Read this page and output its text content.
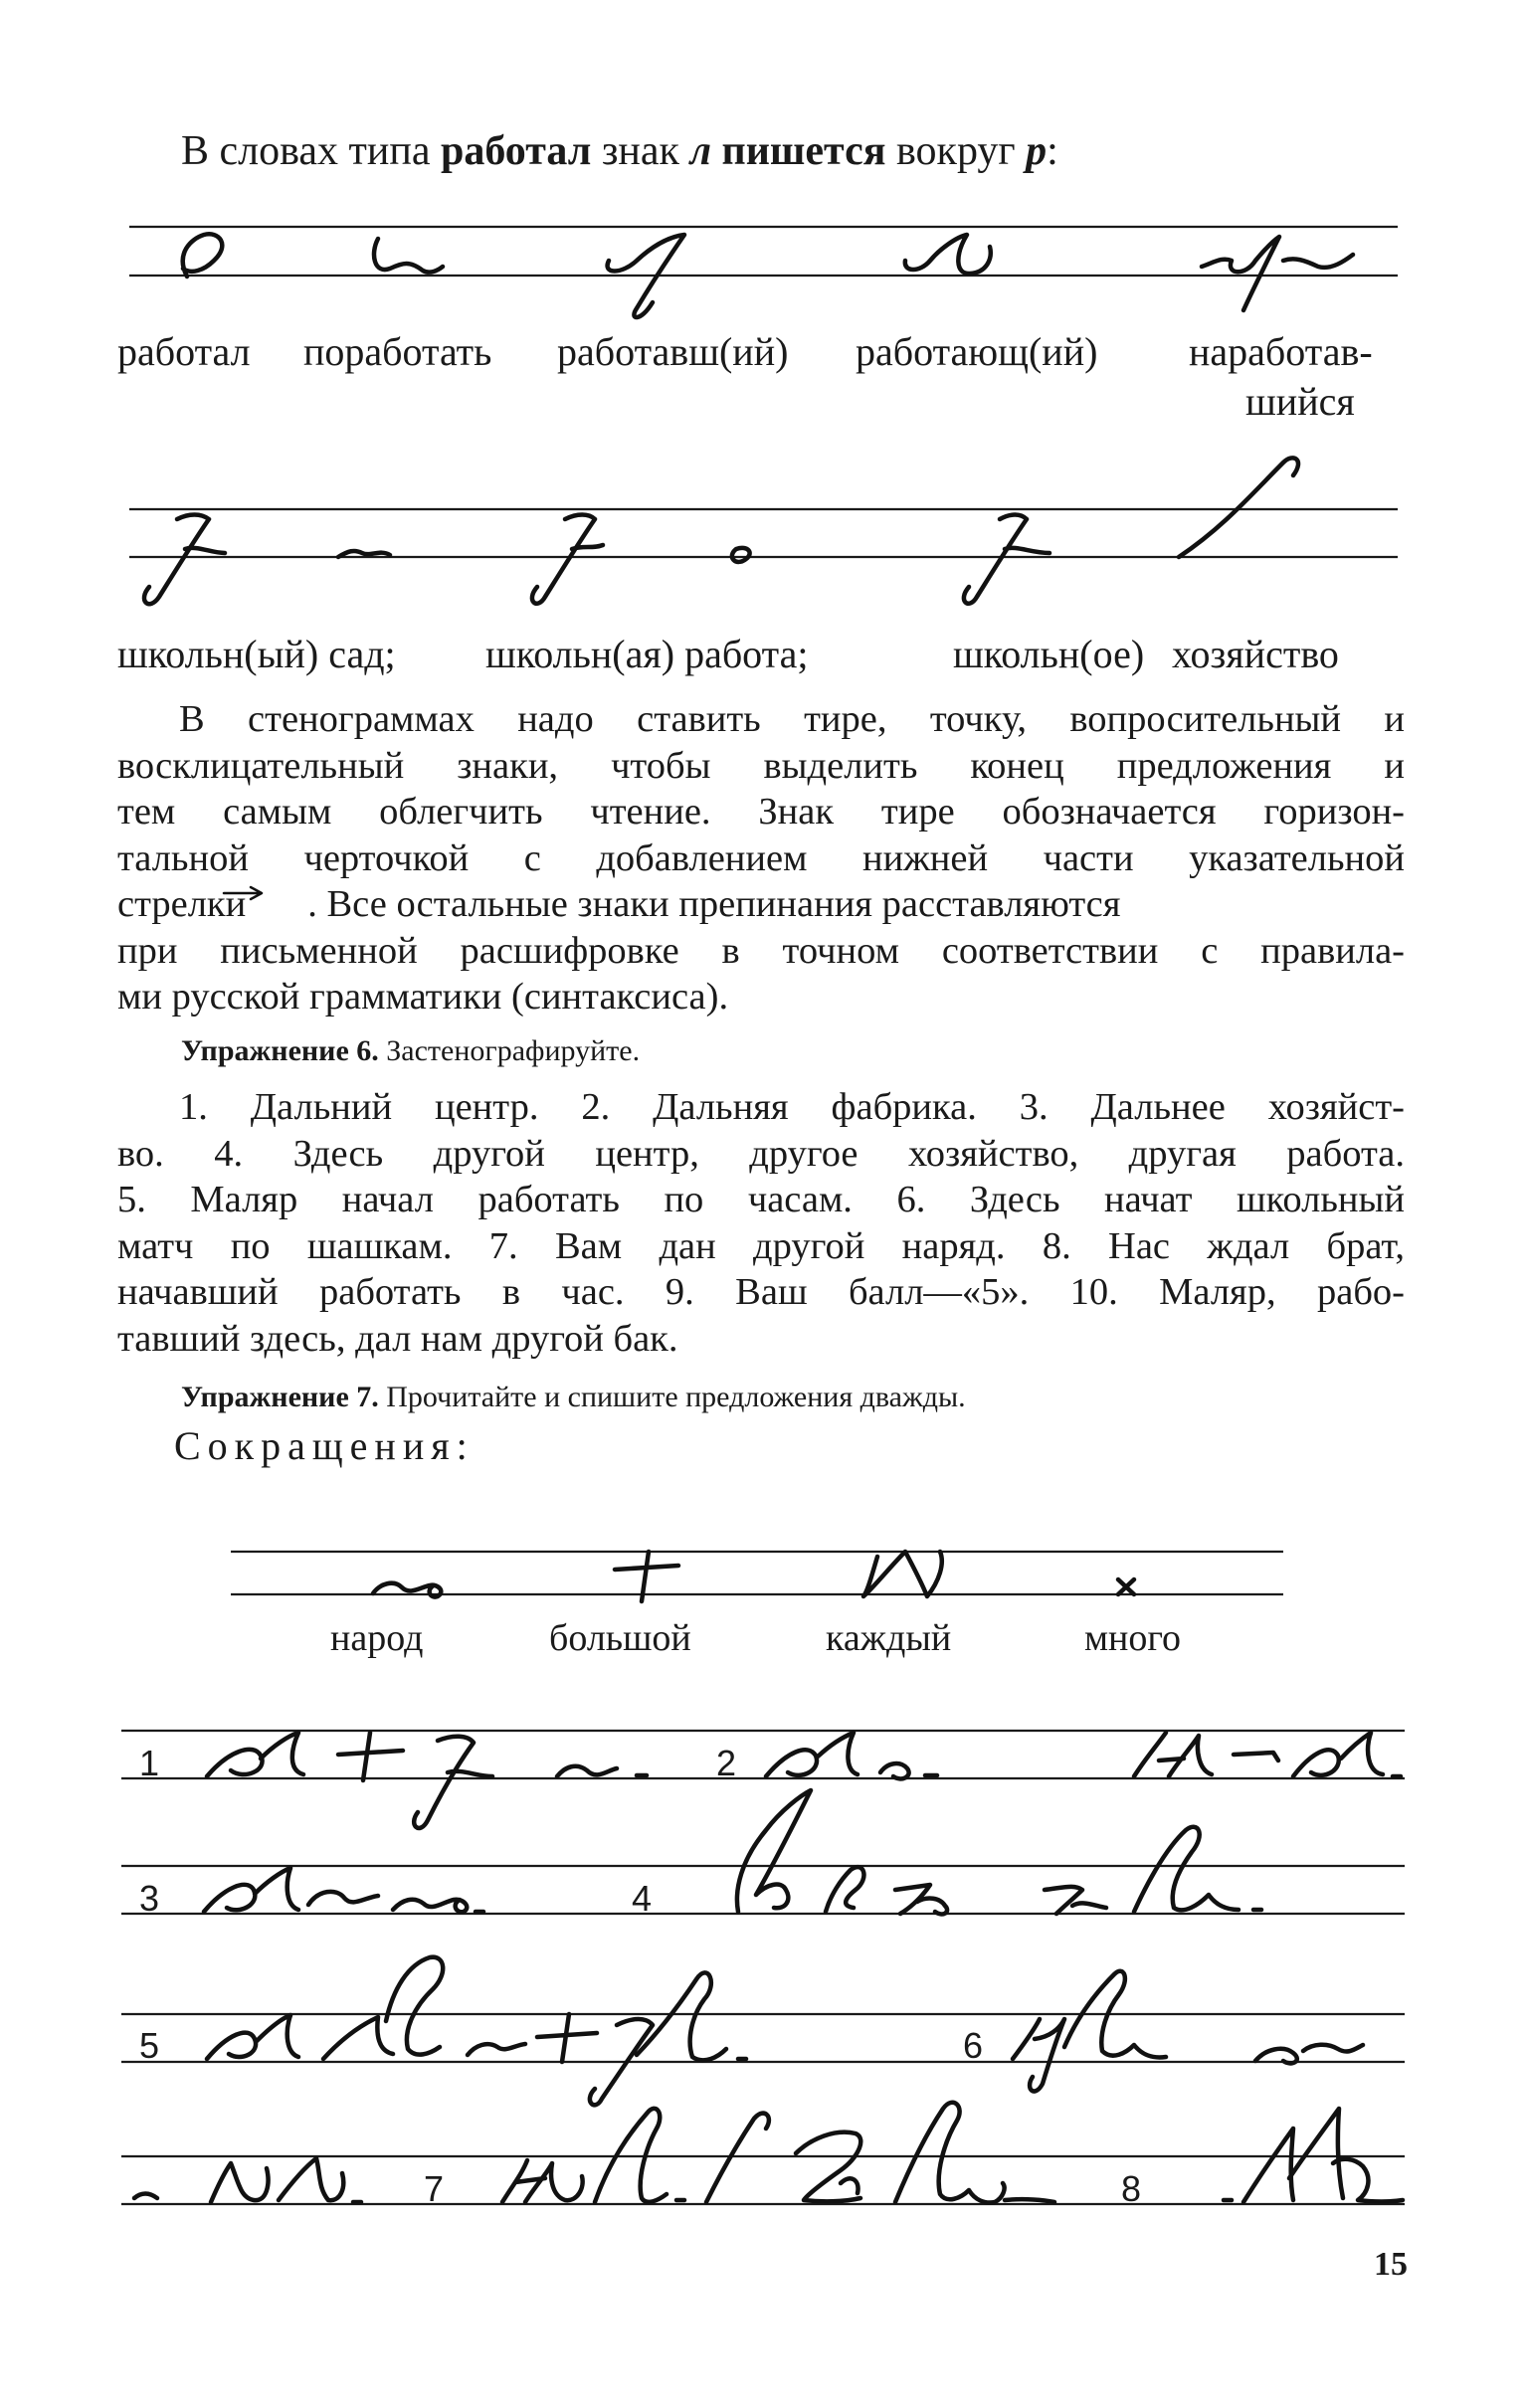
В словах типа работал знак л пишется вокруг р:
работал поработать работавш(ий) работающ(ий) наработав-
шийся
школьн(ый) сад; школьн(ая) работа;	школьн(ое) хозяйство
В стенограммах надо ставить тире, точку, вопросительный и
восклицательный знаки, чтобы выделить конец предложения и
тем самым облегчить чтение. Знак тире обозначается горизон-
тальной черточкой с добавлением нижней части указательной
стрелки . Все остальные знаки препинания расставляются
при письменной расшифровке в точном соответствии с правила-
ми русской грамматики (синтаксиса).
Упражнение 6. Застенографируйте.
1. Дальний центр. 2. Дальняя фабрика. 3. Дальнее хозяйст-
во. 4. Здесь другой центр, другое хозяйство, другая работа.
5. Маляр начал работать по часам. 6. Здесь начат школьный
матч по шашкам. 7. Вам дан другой наряд. 8. Нас ждал брат,
начавший работать в час. 9. Ваш балл—«5». 10. Маляр, рабо-
тавший здесь, дал нам другой бак.
Упражнение 7. Прочитайте и спишите предложения дважды.
Сокращения:
народ	большой	каждый	много
1	2
3	4
5	6
7	8
15
